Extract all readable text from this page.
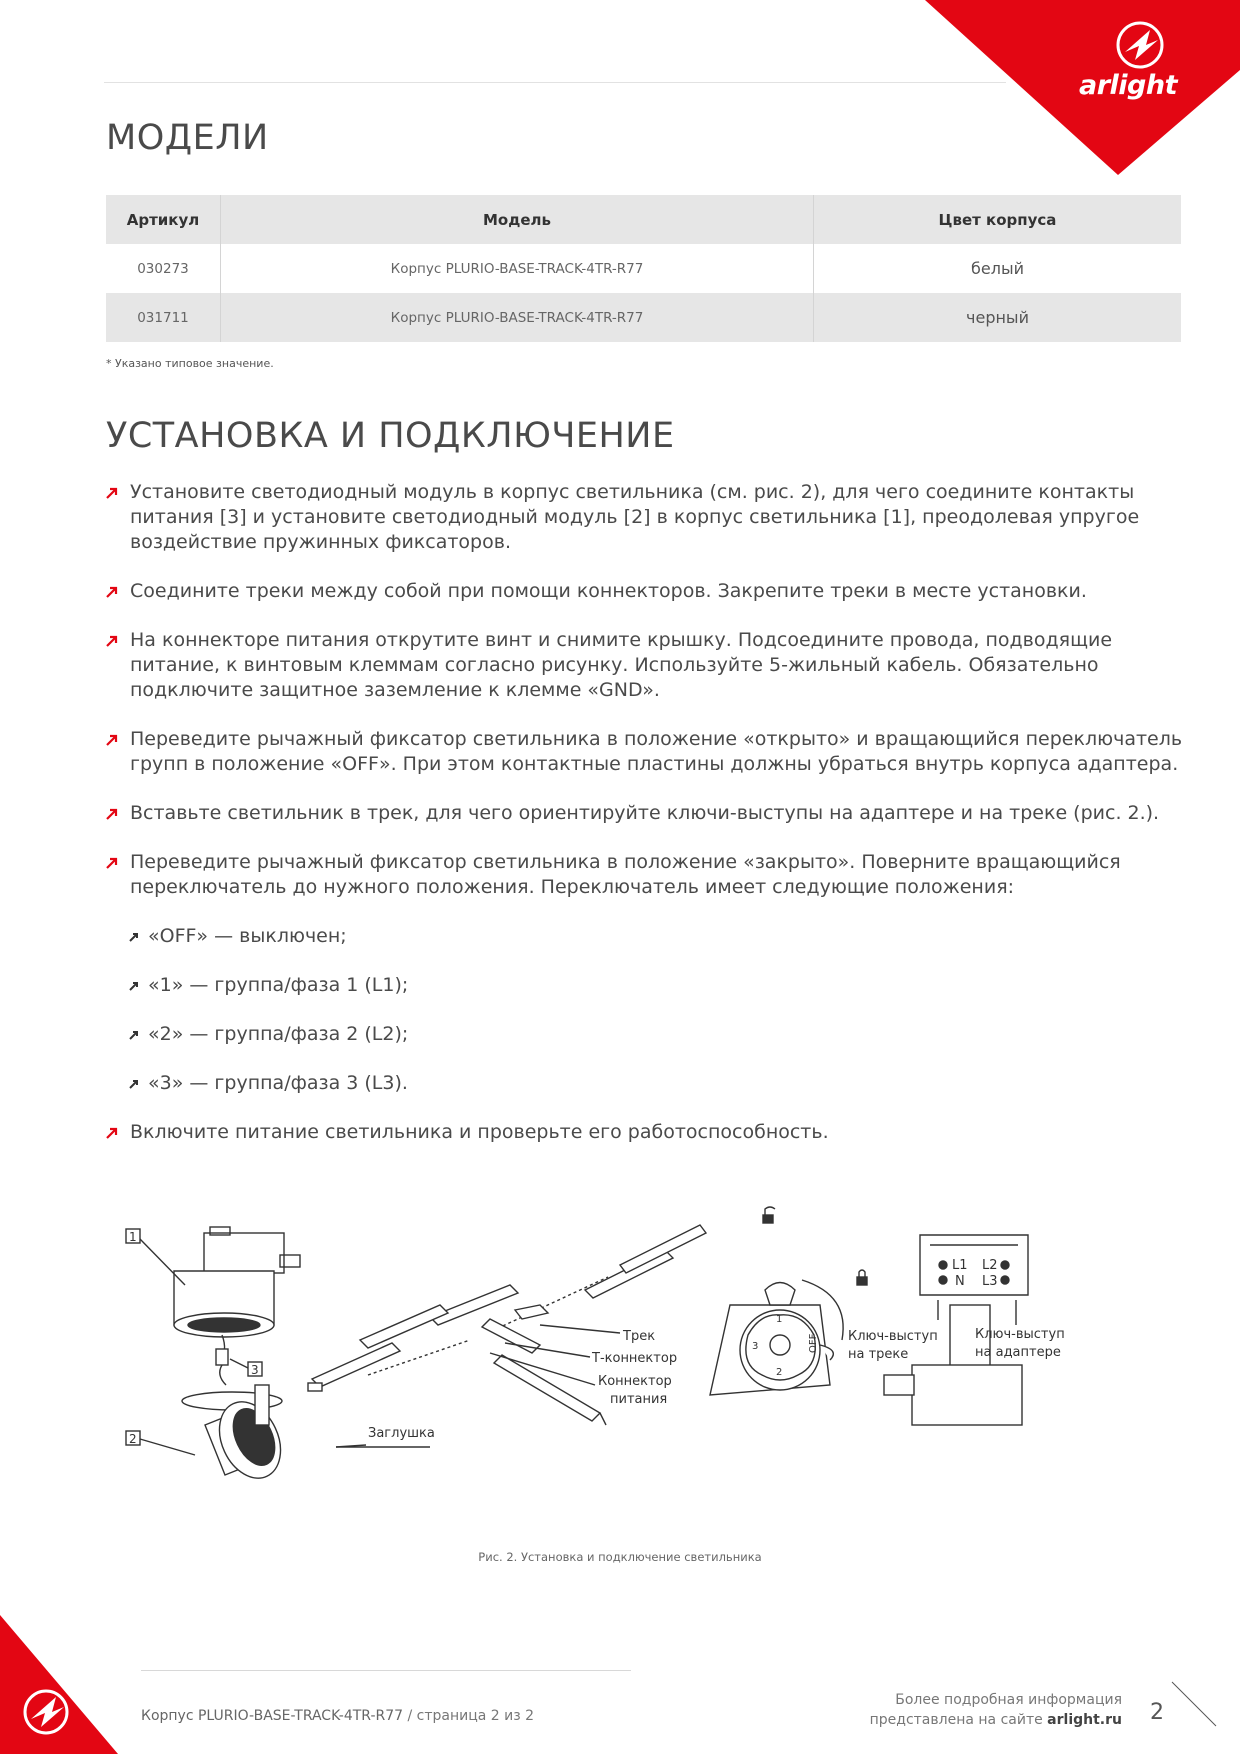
arlight
МОДЕЛИ
Артикул	Модель	Цвет корпуса
030273	Корпус PLURIO-BASE-TRACK-4TR-R77	белый
031711	Корпус PLURIO-BASE-TRACK-4TR-R77	черный
* Указано типовое значение.
УСТАНОВКА И ПОДКЛЮЧЕНИЕ
Установите светодиодный модуль в корпус светильника (см. рис. 2), для чего соедините контакты питания [3] и установите светодиодный модуль [2] в корпус светильника [1], преодолевая упругое воздействие пружинных фиксаторов.
Соедините треки между собой при помощи коннекторов. Закрепите треки в месте установки.
На коннекторе питания открутите винт и снимите крышку. Подсоедините провода, подводящие питание, к винтовым клеммам согласно рисунку. Используйте 5-жильный кабель. Обязательно подключите защитное заземление к клемме «GND».
Переведите рычажный фиксатор светильника в положение «открыто» и вращающийся переключатель групп в положение «OFF». При этом контактные пластины должны убраться внутрь корпуса адаптера.
Вставьте светильник в трек, для чего ориентируйте ключи-выступы на адаптере и на треке (рис. 2.).
Переведите рычажный фиксатор светильника в положение «закрыто». Поверните вращающийся переключатель до нужного положения. Переключатель имеет следующие положения:
«OFF» — выключен;
«1» — группа/фаза 1 (L1);
«2» — группа/фаза 2 (L2);
«3» — группа/фаза 3 (L3).
Включите питание светильника и проверьте его работоспособность.
1
2
3
Трек
Т-коннектор
Коннектор
питания
Заглушка
1
2
3	OFF
L1
N
L2
L3
Ключ-выступ
на треке
Ключ-выступ
на адаптере
Рис. 2. Установка и подключение светильника
Корпус PLURIO-BASE-TRACK-4TR-R77 / страница 2 из 2
Более подробная информация
представлена на сайте arlight.ru 2
